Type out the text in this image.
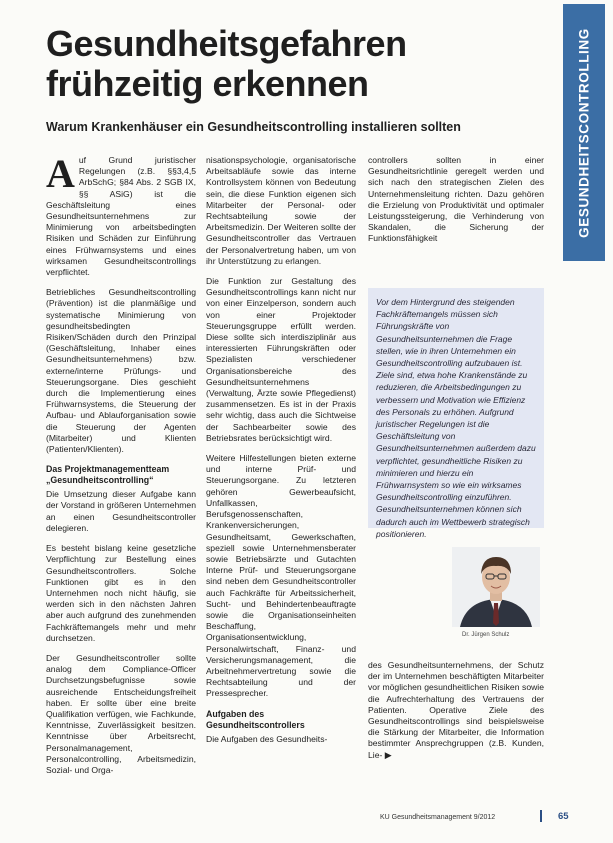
GESUNDHEITSCONTROLLING
Gesundheitsgefahren
frühzeitig erkennen
Warum Krankenhäuser ein Gesundheitscontrolling installieren sollten

Auf Grund juristischer Regelungen (z.B. §§3,4,5 ArbSchG; §84 Abs. 2 SGB IX, §§ ASiG) ist die Geschäftsleitung eines Gesundheitsunternehmens zur Minimierung von arbeitsbedingten Risiken und Schäden zur Einführung eines Frühwarnsystems und eines wirksamen Gesundheitscontrollings verpflichtet.

Betriebliches Gesundheitscontrolling (Prävention) ist die planmäßige und systematische Minimierung von gesundheitsbedingten Risiken/Schäden durch den Prinzipal (Geschäftsleitung, Inhaber eines Gesundheitsunternehmens) bzw. externe/interne Prüfungs- und Steuerungsorgane. Dies geschieht durch die Implementierung eines Frühwarnsystems, die Steuerung der Aufbau- und Ablauforganisation sowie die Steuerung der Agenten (Mitarbeiter) und Klienten (Patienten/Klienten).

Das Projektmanagementteam „Gesundheitscontrolling“

Die Umsetzung dieser Aufgabe kann der Vorstand in größeren Unternehmen an einen Gesundheitscontroller delegieren.

Es besteht bislang keine gesetzliche Verpflichtung zur Bestellung eines Gesundheitscontrollers. Solche Funktionen gibt es in den Unternehmen noch nicht häufig, sie werden sich in den nächsten Jahren aber auch aufgrund des zunehmenden Fachkräftemangels mehr und mehr durchsetzen.

Der Gesundheitscontroller sollte analog dem Compliance-Officer Durchsetzungsbefugnisse sowie ausreichende Entscheidungsfreiheit haben. Er sollte über eine breite Qualifikation verfügen, wie Fachkunde, Kenntnisse, Zuverlässigkeit besitzen. Kenntnisse über Arbeitsrecht, Personalmanagement, Personalcontrolling, Arbeitsmedizin, Sozial- und Orga-

nisationspsychologie, organisatorische Arbeitsabläufe sowie das interne Kontrollsystem können von Bedeutung sein, die diese Funktion eigenen sich Mitarbeiter der Personal- oder Rechtsabteilung sowie der Arbeitsmedizin. Der Weiteren sollte der Gesundheitscontroller das Vertrauen der Personalvertretung haben, um von ihr Unterstützung zu erlangen.

Die Funktion zur Gestaltung des Gesundheitscontrollings kann nicht nur von einer Einzelperson, sondern auch von einer Projektoder Steuerungsgruppe erfüllt werden. Diese sollte sich interdisziplinär aus interessierten Führungskräften oder Spezialisten verschiedener Organisationsbereiche des Gesundheitsunternehmens (Verwaltung, Ärzte sowie Pflegedienst) zusammensetzen. Es ist in der Praxis sehr wichtig, dass auch die Sichtweise der Sachbearbeiter sowie des Betriebsrates berücksichtigt wird.

Weitere Hilfestellungen bieten externe und interne Prüf- und Steuerungsorgane. Zu letzteren gehören Gewerbeaufsicht, Unfallkassen, Berufsgenossenschaften, Krankenversicherungen, Gesundheitsamt, Gewerkschaften, speziell sowie Unternehmensberater sowie Betriebsärzte und Gutachten Interne Prüf- und Steuerungsorgane sind neben dem Gesundheitscontroller auch Fachkräfte für Arbeitssicherheit, Sucht- und Behindertenbeauftragte sowie die Organisationseinheiten Beschaffung, Organisationsentwicklung, Personalwirtschaft, Finanz- und Versicherungsmanagement, die Arbeitnehmervertretung sowie die Rechtsabteilung und der Pressesprecher.

Aufgaben des Gesundheitscontrollers

Die Aufgaben des Gesundheits-

controllers sollten in einer Gesundheitsrichtlinie geregelt werden und sich nach den strategischen Zielen des Unternehmensleitung richten. Dazu gehören die Erzielung von Produktivität und optimaler Leistungssteigerung, die Verhinderung von Skandalen, die Sicherung der Funktionsfähigkeit

Vor dem Hintergrund des steigenden Fachkräftemangels müssen sich Führungskräfte von Gesundheitsunternehmen die Frage stellen, wie in ihren Unternehmen ein Gesundheitscontrolling aufzubauen ist. Ziele sind, etwa hohe Krankenstände zu reduzieren, die Arbeitsbedingungen zu verbessern und Motivation wie Effizienz des Personals zu erhöhen. Aufgrund juristischer Regelungen ist die Geschäftsleitung von Gesundheitsunternehmen außerdem dazu verpflichtet, gesundheitliche Risiken zu minimieren und hierzu ein Frühwarnsystem so wie ein wirksames Gesundheitscontrolling einzuführen. Gesundheitsunternehmen können sich dadurch auch im Wettbewerb strategisch positionieren.

Dr. Jürgen Schulz

des Gesundheitsunternehmens, der Schutz der im Unternehmen beschäftigten Mitarbeiter vor möglichen gesundheitlichen Risiken sowie die Aufrechterhaltung des Vertrauens der Patienten. Operative Ziele des Gesundheitscontrollings sind beispielsweise die Stärkung der Mitarbeiter, die Information bestimmter Ansprechgruppen (z.B. Kunden, Lie- ▶

KU Gesundheitsmanagement 9/2012	65
